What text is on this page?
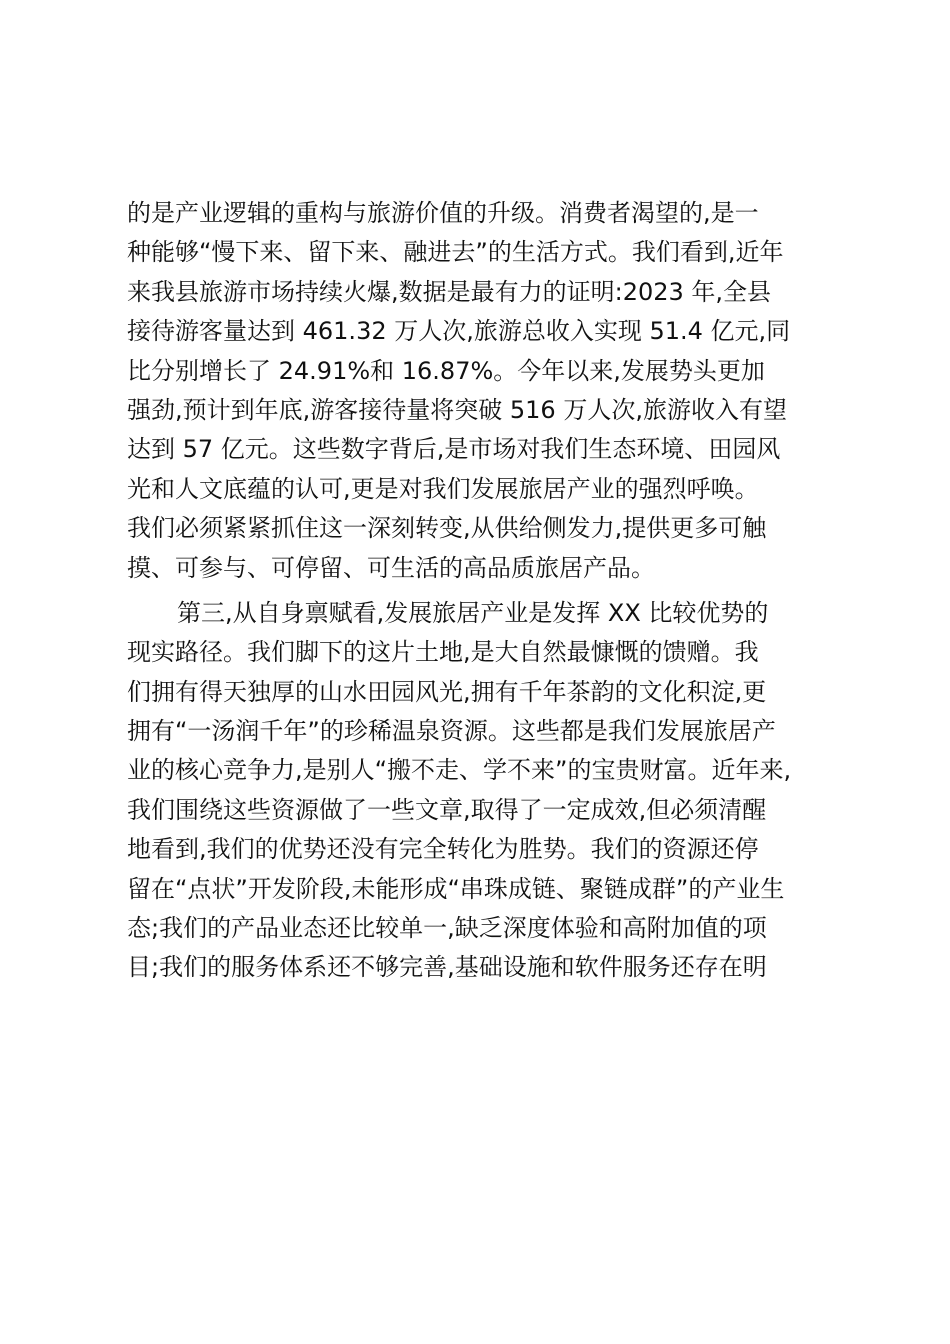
的是产业逻辑的重构与旅游价值的升级。消费者渴望的,是一
种能够“慢下来、留下来、融进去”的生活方式。我们看到,近年
来我县旅游市场持续火爆,数据是最有力的证明:2023 年,全县
接待游客量达到 461.32 万人次,旅游总收入实现 51.4 亿元,同
比分别增长了 24.91%和 16.87%。今年以来,发展势头更加
强劲,预计到年底,游客接待量将突破 516 万人次,旅游收入有望
达到 57 亿元。这些数字背后,是市场对我们生态环境、田园风
光和人文底蕴的认可,更是对我们发展旅居产业的强烈呼唤。
我们必须紧紧抓住这一深刻转变,从供给侧发力,提供更多可触
摸、可参与、可停留、可生活的高品质旅居产品。
第三,从自身禀赋看,发展旅居产业是发挥 XX 比较优势的
现实路径。我们脚下的这片土地,是大自然最慷慨的馈赠。我
们拥有得天独厚的山水田园风光,拥有千年茶韵的文化积淀,更
拥有“一汤润千年”的珍稀温泉资源。这些都是我们发展旅居产
业的核心竞争力,是别人“搬不走、学不来”的宝贵财富。近年来,
我们围绕这些资源做了一些文章,取得了一定成效,但必须清醒
地看到,我们的优势还没有完全转化为胜势。我们的资源还停
留在“点状”开发阶段,未能形成“串珠成链、聚链成群”的产业生
态;我们的产品业态还比较单一,缺乏深度体验和高附加值的项
目;我们的服务体系还不够完善,基础设施和软件服务还存在明
